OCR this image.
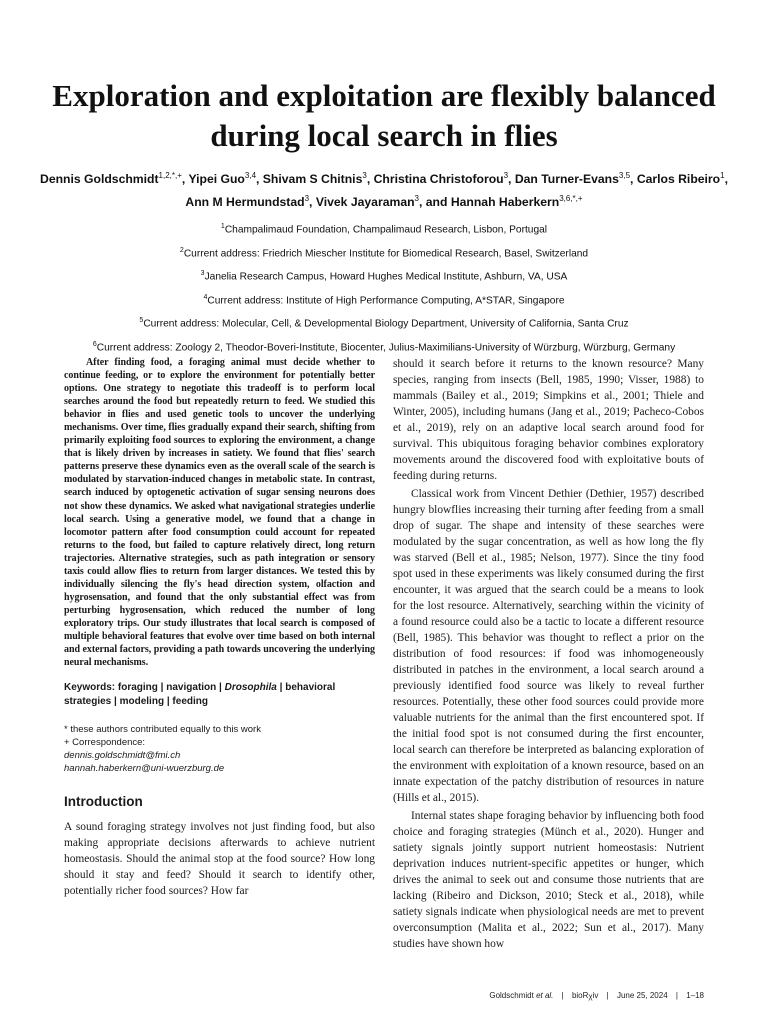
Exploration and exploitation are flexibly balanced during local search in flies
Dennis Goldschmidt$^{1,2,*,+}$, Yipei Guo$^{3,4}$, Shivam S Chitnis$^3$, Christina Christoforou$^3$, Dan Turner-Evans$^{3,5}$, Carlos Ribeiro$^1$, Ann M Hermundstad$^3$, Vivek Jayaraman$^3$, and Hannah Haberkern$^{3,6,*,+}$
$^1$Champalimaud Foundation, Champalimaud Research, Lisbon, Portugal
$^2$Current address: Friedrich Miescher Institute for Biomedical Research, Basel, Switzerland
$^3$Janelia Research Campus, Howard Hughes Medical Institute, Ashburn, VA, USA
$^4$Current address: Institute of High Performance Computing, A*STAR, Singapore
$^5$Current address: Molecular, Cell, & Developmental Biology Department, University of California, Santa Cruz
$^6$Current address: Zoology 2, Theodor-Boveri-Institute, Biocenter, Julius-Maximilians-University of Würzburg, Würzburg, Germany

After finding food, a foraging animal must decide whether to continue feeding, or to explore the environment for potentially better options. One strategy to negotiate this tradeoff is to perform local searches around the food but repeatedly return to feed. We studied this behavior in flies and used genetic tools to uncover the underlying mechanisms. Over time, flies gradually expand their search, shifting from primarily exploiting food sources to exploring the environment, a change that is likely driven by increases in satiety. We found that flies' search patterns preserve these dynamics even as the overall scale of the search is modulated by starvation-induced changes in metabolic state. In contrast, search induced by optogenetic activation of sugar sensing neurons does not show these dynamics. We asked what navigational strategies underlie local search. Using a generative model, we found that a change in locomotor pattern after food consumption could account for repeated returns to the food, but failed to capture relatively direct, long return trajectories. Alternative strategies, such as path integration or sensory taxis could allow flies to return from larger distances. We tested this by individually silencing the fly's head direction system, olfaction and hygrosensation, and found that the only substantial effect was from perturbing hygrosensation, which reduced the number of long exploratory trips. Our study illustrates that local search is composed of multiple behavioral features that evolve over time based on both internal and external factors, providing a path towards uncovering the underlying neural mechanisms.

Keywords: foraging | navigation | Drosophila | behavioral strategies | modeling | feeding
* these authors contributed equally to this work
+ Correspondence:
dennis.goldschmidt@fmi.ch
hannah.haberkern@uni-wuerzburg.de
Introduction

A sound foraging strategy involves not just finding food, but also making appropriate decisions afterwards to achieve nutrient homeostasis. Should the animal stop at the food source? How long should it stay and feed? Should it search to identify other, potentially richer food sources? How far

should it search before it returns to the known resource? Many species, ranging from insects (Bell, 1985, 1990; Visser, 1988) to mammals (Bailey et al., 2019; Simpkins et al., 2001; Thiele and Winter, 2005), including humans (Jang et al., 2019; Pacheco-Cobos et al., 2019), rely on an adaptive local search around food for survival. This ubiquitous foraging behavior combines exploratory movements around the discovered food with exploitative bouts of feeding during returns.

Classical work from Vincent Dethier (Dethier, 1957) described hungry blowflies increasing their turning after feeding from a small drop of sugar. The shape and intensity of these searches were modulated by the sugar concentration, as well as how long the fly was starved (Bell et al., 1985; Nelson, 1977). Since the tiny food spot used in these experiments was likely consumed during the first encounter, it was argued that the search could be a means to look for the lost resource. Alternatively, searching within the vicinity of a found resource could also be a tactic to locate a different resource (Bell, 1985). This behavior was thought to reflect a prior on the distribution of food resources: if food was inhomogeneously distributed in patches in the environment, a local search around a previously identified food source was likely to reveal further resources. Potentially, these other food sources could provide more valuable nutrients for the animal than the first encountered spot. If the initial food spot is not consumed during the first encounter, local search can therefore be interpreted as balancing exploration of the environment with exploitation of a known resource, based on an innate expectation of the patchy distribution of resources in nature (Hills et al., 2015).

Internal states shape foraging behavior by influencing both food choice and foraging strategies (Münch et al., 2020). Hunger and satiety signals jointly support nutrient homeostasis: Nutrient deprivation induces nutrient-specific appetites or hunger, which drives the animal to seek out and consume those nutrients that are lacking (Ribeiro and Dickson, 2010; Steck et al., 2018), while satiety signals indicate when physiological needs are met to prevent overconsumption (Malita et al., 2022; Sun et al., 2017). Many studies have shown how

Goldschmidt et al. | bioRχiv | June 25, 2024 | 1–18
